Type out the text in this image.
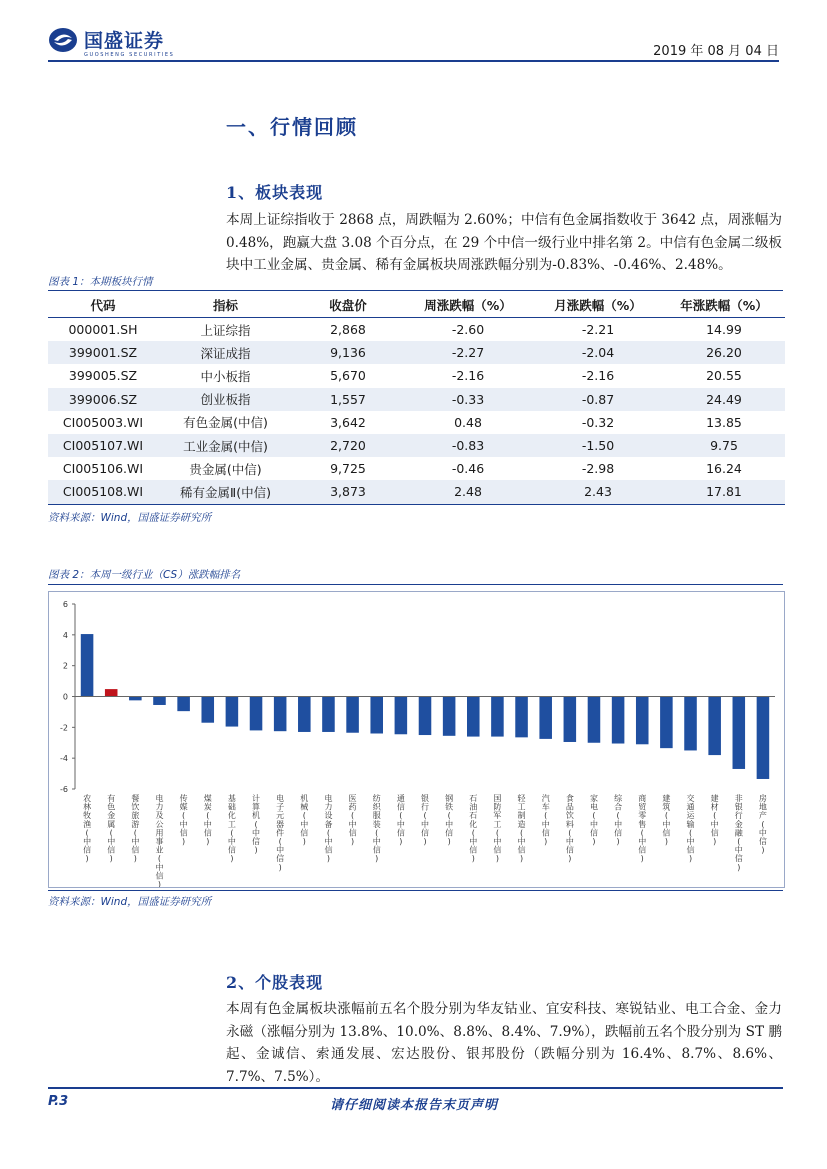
国盛证券
GUOSHENG SECURITIES	2019 年 08 月 04 日
一、行情回顾
1、板块表现
本周上证综指收于 2868 点，周跌幅为 2.60%；中信有色金属指数收于 3642 点，周涨幅为 0.48%，跑赢大盘 3.08 个百分点，在 29 个中信一级行业中排名第 2。中信有色金属二级板块中工业金属、贵金属、稀有金属板块周涨跌幅分别为-0.83%、-0.46%、2.48%。
图表 1：本期板块行情
代码	指标	收盘价	周涨跌幅（%）	月涨跌幅（%）	年涨跌幅（%）
000001.SH	上证综指	2,868	-2.60	-2.21	14.99
399001.SZ	深证成指	9,136	-2.27	-2.04	26.20
399005.SZ	中小板指	5,670	-2.16	-2.16	20.55
399006.SZ	创业板指	1,557	-0.33	-0.87	24.49
CI005003.WI	有色金属(中信)	3,642	0.48	-0.32	13.85
CI005107.WI	工业金属(中信)	2,720	-0.83	-1.50	9.75
CI005106.WI	贵金属(中信)	9,725	-0.46	-2.98	16.24
CI005108.WI	稀有金属Ⅱ(中信)	3,873	2.48	2.43	17.81
资料来源：Wind，国盛证券研究所
图表 2：本周一级行业（CS）涨跌幅排名
6
4
2
0
-2
-4
-6
农林牧渔(中信)
有色金属(中信)
餐饮旅游(中信)
电力及公用事业(中信)
传媒(中信)
煤炭(中信)
基础化工(中信)
计算机(中信)
电子元器件(中信)
机械(中信)
电力设备(中信)
医药(中信)
纺织服装(中信)
通信(中信)
银行(中信)
钢铁(中信)
石油石化(中信)
国防军工(中信)
轻工制造(中信)
汽车(中信)
食品饮料(中信)
家电(中信)
综合(中信)
商贸零售(中信)
建筑(中信)
交通运输(中信)
建材(中信)
非银行金融(中信)
房地产(中信)
资料来源：Wind，国盛证券研究所
2、个股表现
本周有色金属板块涨幅前五名个股分别为华友钴业、宜安科技、寒锐钴业、电工合金、金力永磁（涨幅分别为 13.8%、10.0%、8.8%、8.4%、7.9%），跌幅前五名个股分别为 ST 鹏起、金诚信、索通发展、宏达股份、银邦股份（跌幅分别为 16.4%、8.7%、8.6%、7.7%、7.5%）。
P.3	请仔细阅读本报告末页声明
